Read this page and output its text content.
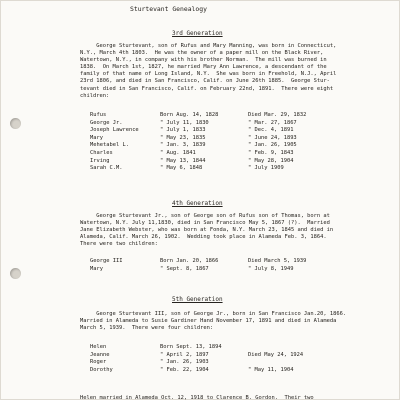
Sturtevant Genealogy
3rd Generation
George Sturtevant, son of Rufus and Mary Manning, was born in Connecticut,
N.Y., March 4th 1803.  He was the owner of a paper mill on the Black River,
Watertown, N.Y., in company with his brother Norman.  The mill was burned in
1838.  On March 1st, 1827, he married Mary Ann Lawrence, a descendant of the
family of that name of Long Island, N.Y.  She was born in Freehold, N.J., April
23rd 1806, and died in San Francisco, Calif. on June 26th 1885.  George Stur-
tevant died in San Francisco, Calif. on February 22nd, 1891.  There were eight
children:
Rufus
George Jr.
Joseph Lawrence
Mary
Mehetabel L.
Charles
Irving
Sarah C.M.
Born Aug. 14, 1828
" July 11, 1830
" July 1, 1833
" May 23, 1835
" Jan. 3, 1839
" Aug. 1841
" May 13, 1844
" May 6, 1848
Died Mar. 29, 1832
" Mar. 27, 1867
" Dec. 4, 1891
" June 24, 1893
" Jan. 26, 1905
" Feb. 9, 1843
" May 28, 1904
" July 1909
4th Generation
George Sturtevant Jr., son of George son of Rufus son of Thomas, born at
Watertown, N.Y. July 11,1830, died in San Francisco May 5, 1867 (?).  Married
Jane Elizabeth Webster, who was born at Fonda, N.Y. March 23, 1845 and died in
Alameda, Calif. March 26, 1902.  Wedding took place in Alameda Feb. 3, 1864.
There were two children:
George III
Mary
Born Jan. 20, 1866
" Sept. 8, 1867
Died March 5, 1939
" July 8, 1949
5th Generation
George Sturtevant III, son of George Jr., born in San Francisco Jan.20, 1866.
Married in Alameda to Susie Gardiner Hand November 17, 1891 and died in Alameda
March 5, 1939.  There were four children:
Helen
Jeanne
Roger
Dorothy
Born Sept. 13, 1894
" April 2, 1897
" Jan. 26, 1903
" Feb. 22, 1904
Died May 24, 1924
" May 11, 1904
Helen married in Alameda Oct. 12, 1918 to Clarence B. Gordon.  Their two
